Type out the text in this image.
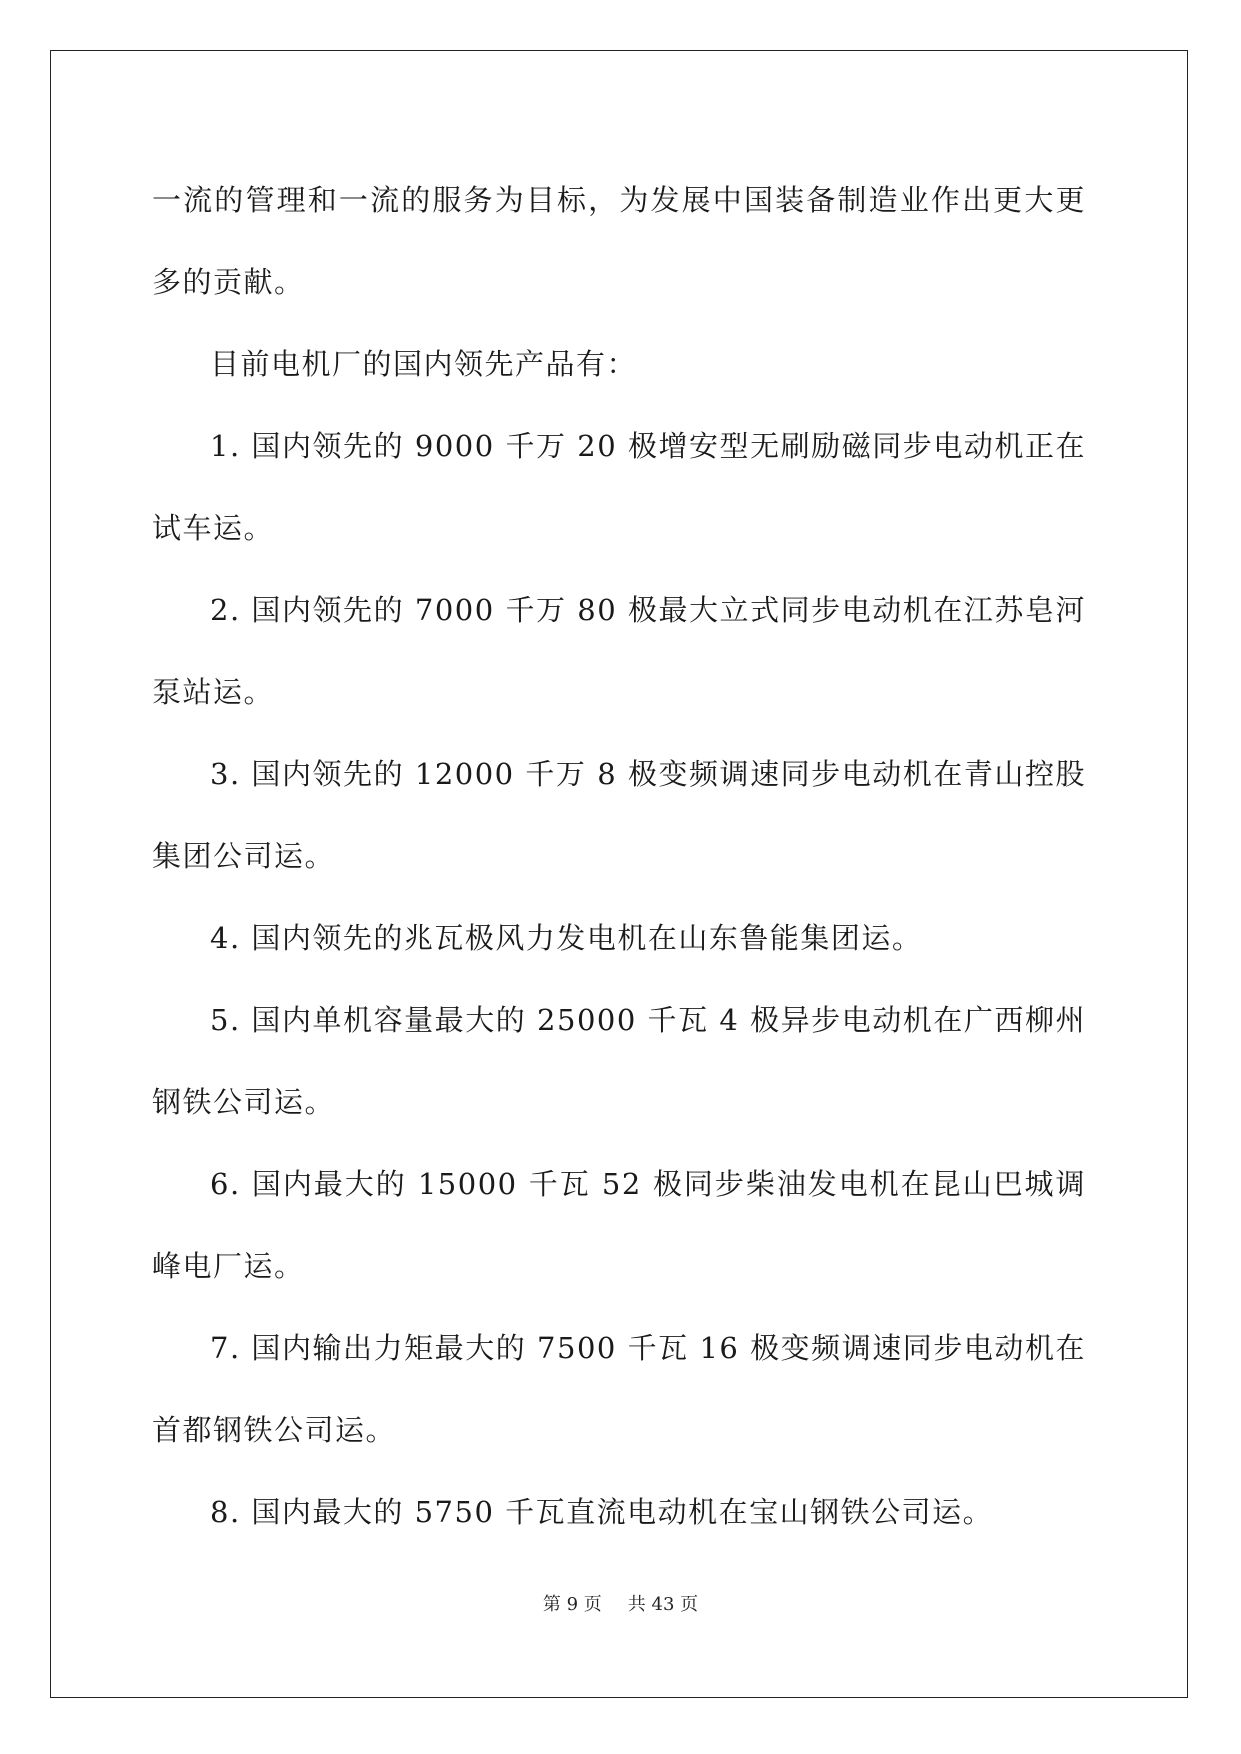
一流的管理和一流的服务为目标，为发展中国装备制造业作出更大更多的贡献。

目前电机厂的国内领先产品有：

1. 国内领先的 9000 千万 20 极增安型无刷励磁同步电动机正在试车运。

2. 国内领先的 7000 千万 80 极最大立式同步电动机在江苏皂河泵站运。

3. 国内领先的 12000 千万 8 极变频调速同步电动机在青山控股集团公司运。

4. 国内领先的兆瓦极风力发电机在山东鲁能集团运。

5. 国内单机容量最大的 25000 千瓦 4 极异步电动机在广西柳州钢铁公司运。

6. 国内最大的 15000 千瓦 52 极同步柴油发电机在昆山巴城调峰电厂运。

7. 国内输出力矩最大的 7500 千瓦 16 极变频调速同步电动机在首都钢铁公司运。

8. 国内最大的 5750 千瓦直流电动机在宝山钢铁公司运。

第 9 页 共 43 页
